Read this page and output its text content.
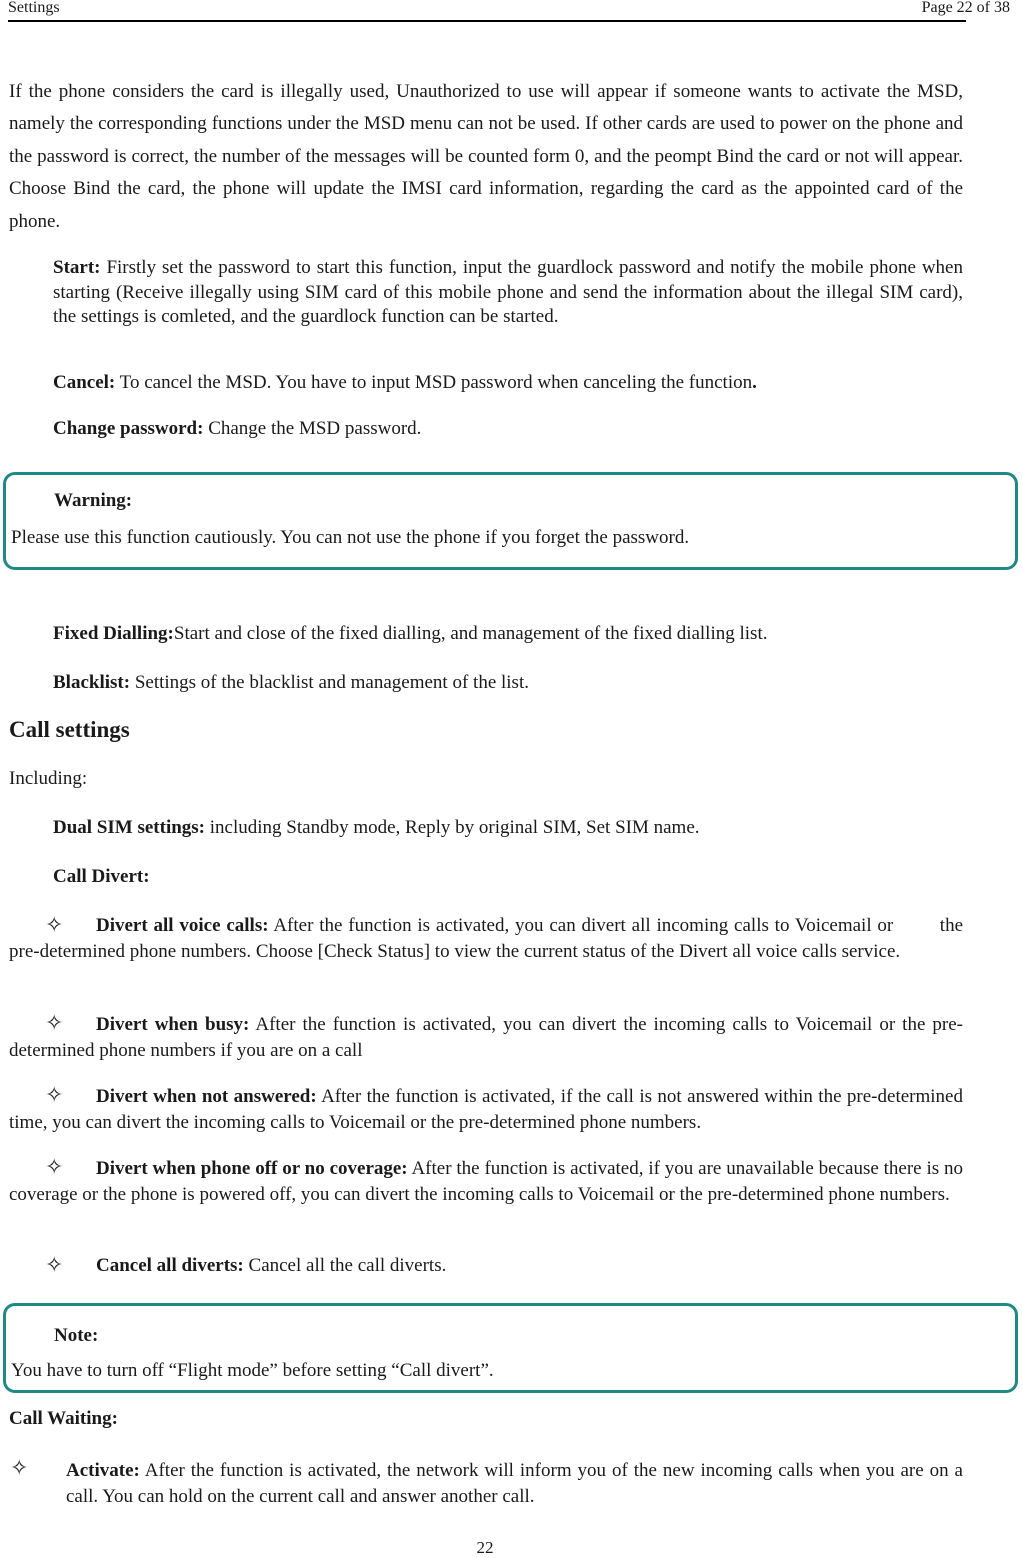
Settings	Page 22 of 38

If the phone considers the card is illegally used, Unauthorized to use will appear if someone wants to activate the MSD, namely the corresponding functions under the MSD menu can not be used. If other cards are used to power on the phone and the password is correct, the number of the messages will be counted form 0, and the peompt Bind the card or not will appear. Choose Bind the card, the phone will update the IMSI card information, regarding the card as the appointed card of the phone.

Start: Firstly set the password to start this function, input the guardlock password and notify the mobile phone when starting (Receive illegally using SIM card of this mobile phone and send the information about the illegal SIM card), the settings is comleted, and the guardlock function can be started.

Cancel: To cancel the MSD. You have to input MSD password when canceling the function.

Change password: Change the MSD password.

Warning:
Please use this function cautiously. You can not use the phone if you forget the password.

Fixed Dialling:Start and close of the fixed dialling, and management of the fixed dialling list.

Blacklist: Settings of the blacklist and management of the list.

Call settings

Including:

Dual SIM settings: including Standby mode, Reply by original SIM, Set SIM name.

Call Divert:

✧	Divert all voice calls: After the function is activated, you can divert all incoming calls to Voicemail or        the pre-determined phone numbers. Choose [Check Status] to view the current status of the Divert all voice calls service.

✧	Divert when busy: After the function is activated, you can divert the incoming calls to Voicemail or the pre-determined phone numbers if you are on a call

✧	Divert when not answered: After the function is activated, if the call is not answered within the pre-determined time, you can divert the incoming calls to Voicemail or the pre-determined phone numbers.

✧	Divert when phone off or no coverage: After the function is activated, if you are unavailable because there is no coverage or the phone is powered off, you can divert the incoming calls to Voicemail or the pre-determined phone numbers.

✧ Cancel all diverts: Cancel all the call diverts.

Note:
You have to turn off “Flight mode” before setting “Call divert”.

Call Waiting:

✧ Activate: After the function is activated, the network will inform you of the new incoming calls when you are on a call. You can hold on the current call and answer another call.

22
